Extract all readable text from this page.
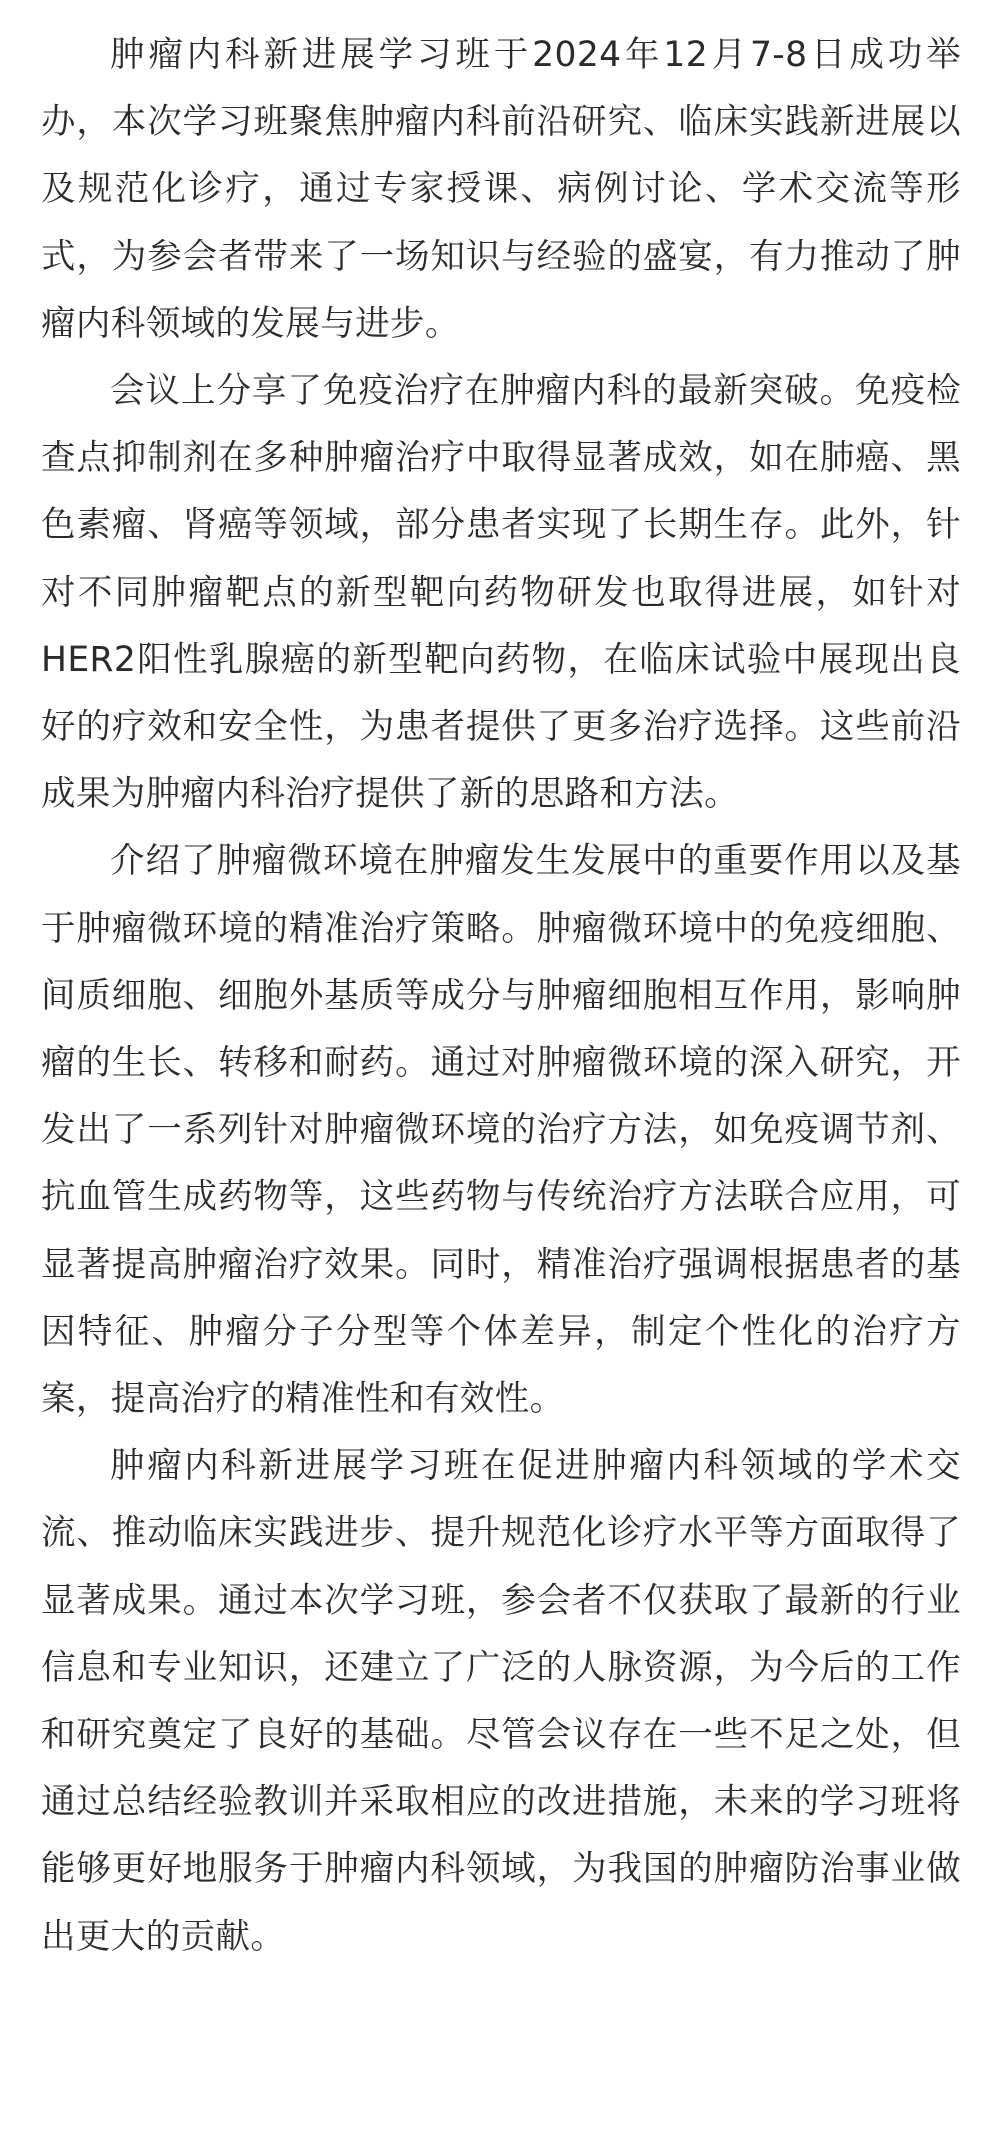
肿瘤内科新进展学习班于2024年12月7-8日成功举办，本次学习班聚焦肿瘤内科前沿研究、临床实践新进展以及规范化诊疗，通过专家授课、病例讨论、学术交流等形式，为参会者带来了一场知识与经验的盛宴，有力推动了肿瘤内科领域的发展与进步。

会议上分享了免疫治疗在肿瘤内科的最新突破。免疫检查点抑制剂在多种肿瘤治疗中取得显著成效，如在肺癌、黑色素瘤、肾癌等领域，部分患者实现了长期生存。此外，针对不同肿瘤靶点的新型靶向药物研发也取得进展，如针对HER2阳性乳腺癌的新型靶向药物，在临床试验中展现出良好的疗效和安全性，为患者提供了更多治疗选择。这些前沿成果为肿瘤内科治疗提供了新的思路和方法。

介绍了肿瘤微环境在肿瘤发生发展中的重要作用以及基于肿瘤微环境的精准治疗策略。肿瘤微环境中的免疫细胞、间质细胞、细胞外基质等成分与肿瘤细胞相互作用，影响肿瘤的生长、转移和耐药。通过对肿瘤微环境的深入研究，开发出了一系列针对肿瘤微环境的治疗方法，如免疫调节剂、抗血管生成药物等，这些药物与传统治疗方法联合应用，可显著提高肿瘤治疗效果。同时，精准治疗强调根据患者的基因特征、肿瘤分子分型等个体差异，制定个性化的治疗方案，提高治疗的精准性和有效性。

肿瘤内科新进展学习班在促进肿瘤内科领域的学术交流、推动临床实践进步、提升规范化诊疗水平等方面取得了显著成果。通过本次学习班，参会者不仅获取了最新的行业信息和专业知识，还建立了广泛的人脉资源，为今后的工作和研究奠定了良好的基础。尽管会议存在一些不足之处，但通过总结经验教训并采取相应的改进措施，未来的学习班将能够更好地服务于肿瘤内科领域，为我国的肿瘤防治事业做出更大的贡献。
